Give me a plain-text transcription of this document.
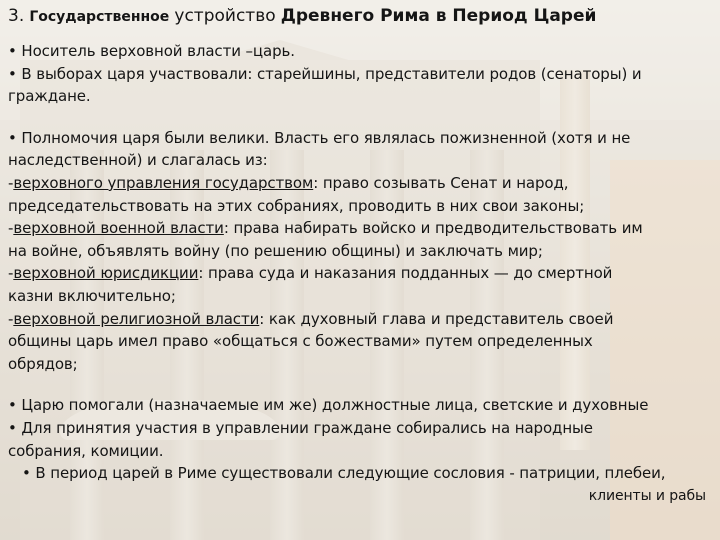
3. Государственное устройство Древнего Рима в Период Царей
• Носитель верховной власти –царь.
• В выборах царя участвовали: старейшины, представители родов (сенаторы) и
граждане.
• Полномочия царя были велики. Власть его являлась пожизненной (хотя и не
наследственной) и слагалась из:
-верховного управления государством: право созывать Сенат и народ,
председательствовать на этих собраниях, проводить в них свои законы;
-верховной военной власти: права набирать войско и предводительствовать им
на войне, объявлять войну (по решению общины) и заключать мир;
-верховной юрисдикции: права суда и наказания подданных — до смертной
казни включительно;
-верховной религиозной власти: как духовный глава и представитель своей
общины царь имел право «общаться с божествами» путем определенных
обрядов;
• Царю помогали (назначаемые им же) должностные лица, светские и духовные
• Для принятия участия в управлении граждане собирались на народные
собрания, комиции.
• В период царей в Риме существовали следующие сословия - патриции, плебеи,
клиенты и рабы
